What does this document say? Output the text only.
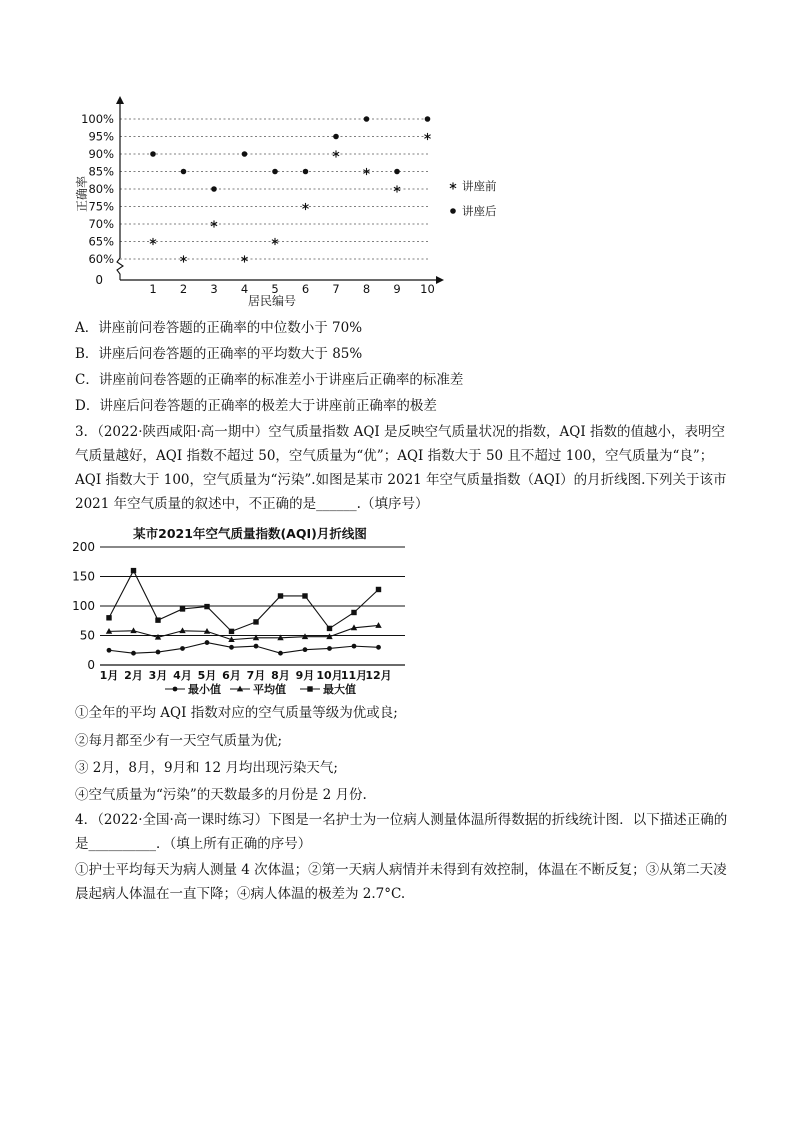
60%
65%
70%
75%
80%
85%
90%
95%
100%
1 2 3 4 5 6 7 8 9 10
正确率
居民编号
0
讲座前
讲座后
A．讲座前问卷答题的正确率的中位数小于 70%
B．讲座后问卷答题的正确率的平均数大于 85%
C．讲座前问卷答题的正确率的标准差小于讲座后正确率的标准差
D．讲座后问卷答题的正确率的极差大于讲座前正确率的极差
3．（2022·陕西咸阳·高一期中）空气质量指数 AQI 是反映空气质量状况的指数，AQI 指数的值越小，表明空气质量越好，AQI 指数不超过 50，空气质量为“优”；AQI 指数大于 50 且不超过 100，空气质量为“良”；AQI 指数大于 100，空气质量为“污染”.如图是某市 2021 年空气质量指数（AQI）的月折线图.下列关于该市 2021 年空气质量的叙述中，不正确的是______.（填序号）
某市2021年空气质量指数(AQI)月折线图
0
50
100
150
200
1月 2月 3月 4月 5月 6月 7月 8月 9月 10月
11月
12月
最小值	平均值	最大值
①全年的平均 AQI 指数对应的空气质量等级为优或良;
②每月都至少有一天空气质量为优;
③ 2月，8月，9月和 12 月均出现污染天气;
④空气质量为“污染”的天数最多的月份是 2 月份.
4．（2022·全国·高一课时练习）下图是一名护士为一位病人测量体温所得数据的折线统计图．以下描述正确的是__________．（填上所有正确的序号）
①护士平均每天为病人测量 4 次体温；②第一天病人病情并未得到有效控制，体温在不断反复；③从第二天凌晨起病人体温在一直下降；④病人体温的极差为 2.7°C.
